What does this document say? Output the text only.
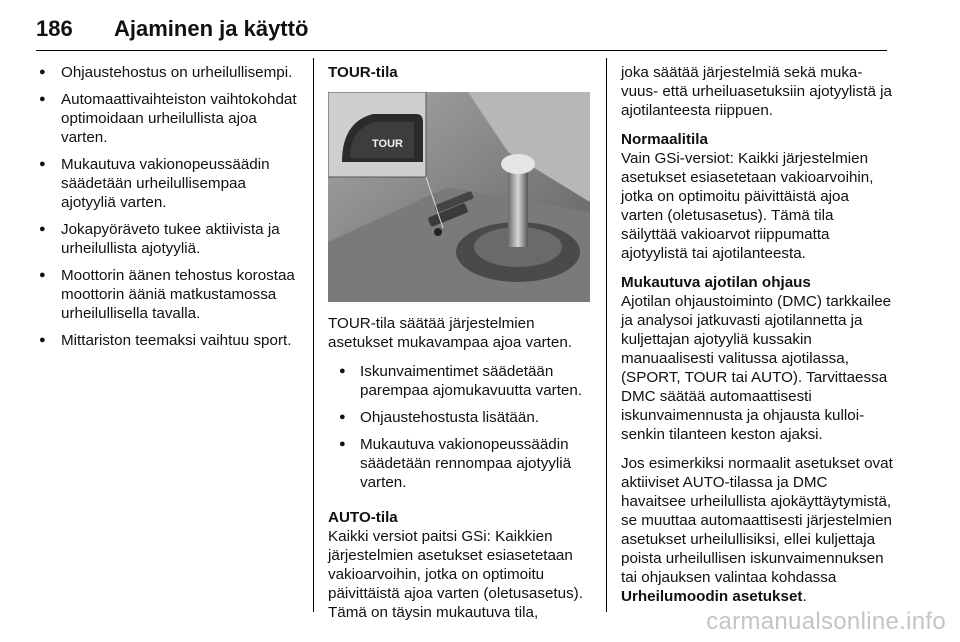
186 Ajaminen ja käyttö
● Ohjaustehostus on urheilullisempi.
● Automaattivaihteiston vaihtokohdat optimoidaan urheilullista ajoa varten.
● Mukautuva vakionopeussäädin säädetään urheilullisempaa ajotyyliä varten.
● Jokapyöräveto tukee aktiivista ja urheilullista ajotyyliä.
● Moottorin äänen tehostus korostaa moottorin ääniä matkustamossa urheilullisella tavalla.
● Mittariston teemaksi vaihtuu sport.
TOUR-tila
TOUR

TOUR-tila säätää järjestelmien asetukset mukavampaa ajoa varten.

● Iskunvaimentimet säädetään parempaa ajomukavuutta varten.
● Ohjaustehostusta lisätään.
● Mukautuva vakionopeussäädin säädetään rennompaa ajotyyliä varten.
AUTO-tila

Kaikki versiot paitsi GSi: Kaikkien järjestelmien asetukset esiasetetaan vakioarvoihin, jotka on optimoitu päivittäistä ajoa varten (oletusasetus). Tämä on täysin mukautuva tila,

joka säätää järjestelmiä sekä mukavuus- että urheiluasetuksiin ajotyylistä ja ajotilanteesta riippuen.

Normaalitila

Vain GSi-versiot: Kaikki järjestelmien asetukset esiasetetaan vakioarvoihin, jotka on optimoitu päivittäistä ajoa varten (oletusasetus). Tämä tila säilyttää vakioarvot riippumatta ajotyylistä tai ajotilanteesta.

Mukautuva ajotilan ohjaus

Ajotilan ohjaustoiminto (DMC) tarkkailee ja analysoi jatkuvasti ajotilannetta ja kuljettajan ajotyyliä kussakin manuaalisesti valitussa ajotilassa, (SPORT, TOUR tai AUTO). Tarvittaessa DMC säätää automaattisesti iskunvaimennusta ja ohjausta kulloisenkin tilanteen keston ajaksi.

Jos esimerkiksi normaalit asetukset ovat aktiiviset AUTO-tilassa ja DMC havaitsee urheilullista ajokäyttäytymistä, se muuttaa automaattisesti järjestelmien asetukset urheilullisiksi, ellei kuljettaja poista urheilullisen iskunvaimennuksen tai ohjauksen valintaa kohdassa Urheilumoodin asetukset.

carmanualsonline.info
